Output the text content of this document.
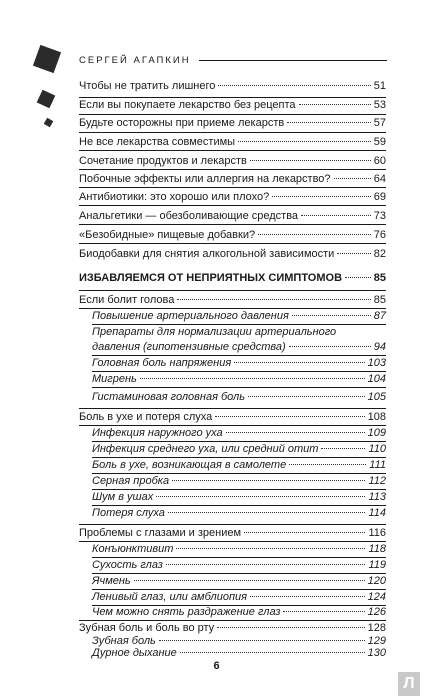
СЕРГЕЙ АГАПКИН
Чтобы не тратить лишнего	51
Если вы покупаете лекарство без рецепта	53
Будьте осторожны при приеме лекарств	57
Не все лекарства совместимы	59
Сочетание продуктов и лекарств	60
Побочные эффекты или аллергия на лекарство?	64
Антибиотики: это хорошо или плохо?	69
Анальгетики — обезболивающие средства	73
«Безобидные» пищевые добавки?	76
Биодобавки для снятия алкогольной зависимости	82
ИЗБАВЛЯЕМСЯ ОТ НЕПРИЯТНЫХ СИМПТОМОВ	85
Если болит голова	85
Повышение артериального давления	87
Препараты для нормализации артериального
давления (гипотензивные средства)	94
Головная боль напряжения	103
Мигрень	104
Гистаминовая головная боль	105
Боль в ухе и потеря слуха	108
Инфекция наружного уха	109
Инфекция среднего уха, или средний отит	110
Боль в ухе, возникающая в самолете	111
Серная пробка	112
Шум в ушах	113
Потеря слуха	114
Проблемы с глазами и зрением	116
Конъюнктивит	118
Сухость глаз	119
Ячмень	120
Ленивый глаз, или амблиопия	124
Чем можно снять раздражение глаз	126
6
Л
Зубная боль и боль во рту	128
Зубная боль	129
Дурное дыхание	130
